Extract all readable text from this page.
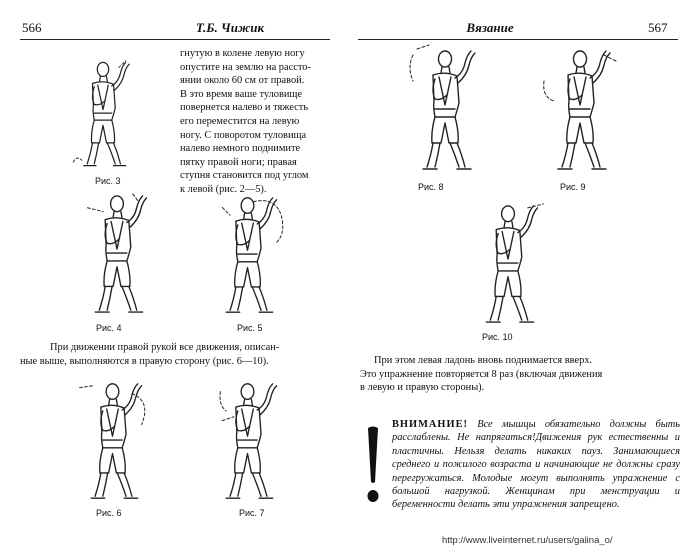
566	Т.Б. Чижик
Рис. 3
гнутую в колене левую ногу
опустите на землю на расcто-
янии около 60 см от правой.
В это время ваше туловище
повернется налево и тяжесть
его переместится на левую
ногу. С поворотом туловища
налево немного поднимите
пятку правой ноги; правая
ступня становится под углом
к левой (рис. 2—5).
Рис. 4	Рис. 5
При движении правой рукой все движения, описан-
ные выше, выполняются в правую сторону (рис. 6—10).
Рис. 6	Рис. 7
Вязание	567
Рис. 8	Рис. 9
Рис. 10
При этом левая ладонь вновь поднимается вверх.
Это упражнение повторяется 8 раз (включая движения
в левую и правую стороны).
ВНИМАНИЕ! Все мышцы обязательно должны быть расслаблены. Не напрягаться!Движения рук естественны и пластичны. Нельзя делать никаких пауз. Занимающиеся среднего и пожилого возраста и начинающие не должны сразу перегружаться. Молодые могут выполнять упражнение с большой нагрузкой. Женщинам при менструации и беременности делать эти упражнения запрещено.
http://www.liveinternet.ru/users/galina_o/
